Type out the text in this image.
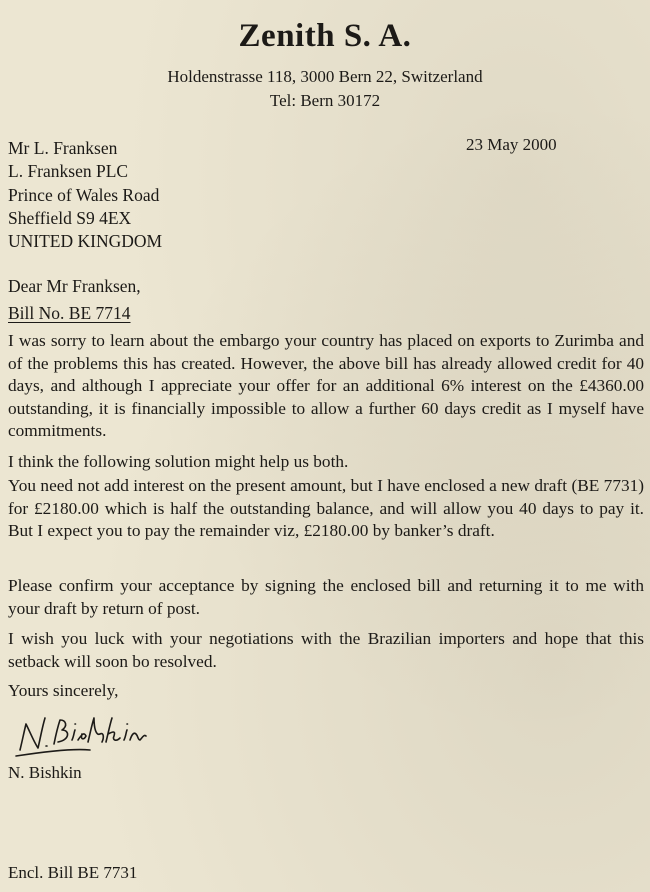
Zenith S. A.
Holdenstrasse 118, 3000 Bern 22, Switzerland
Tel: Bern 30172
Mr L. Franksen
L. Franksen PLC
Prince of Wales Road
Sheffield S9 4EX
UNITED KINGDOM
23 May 2000
Dear Mr Franksen,
Bill No. BE 7714
I was sorry to learn about the embargo your country has placed on exports to Zurimba and of the problems this has created. However, the above bill has already allowed credit for 40 days, and although I appreciate your offer for an additional 6% interest on the £4360.00 outstanding, it is financially impossible to allow a further 60 days credit as I myself have commitments.
I think the following solution might help us both.
You need not add interest on the present amount, but I have enclosed a new draft (BE 7731) for £2180.00 which is half the outstanding balance, and will allow you 40 days to pay it. But I expect you to pay the remainder viz, £2180.00 by banker’s draft.
Please confirm your acceptance by signing the enclosed bill and returning it to me with your draft by return of post.
I wish you luck with your negotiations with the Brazilian importers and hope that this setback will soon bo resolved.
Yours sincerely,
N. Bishkin
Encl. Bill BE 7731
